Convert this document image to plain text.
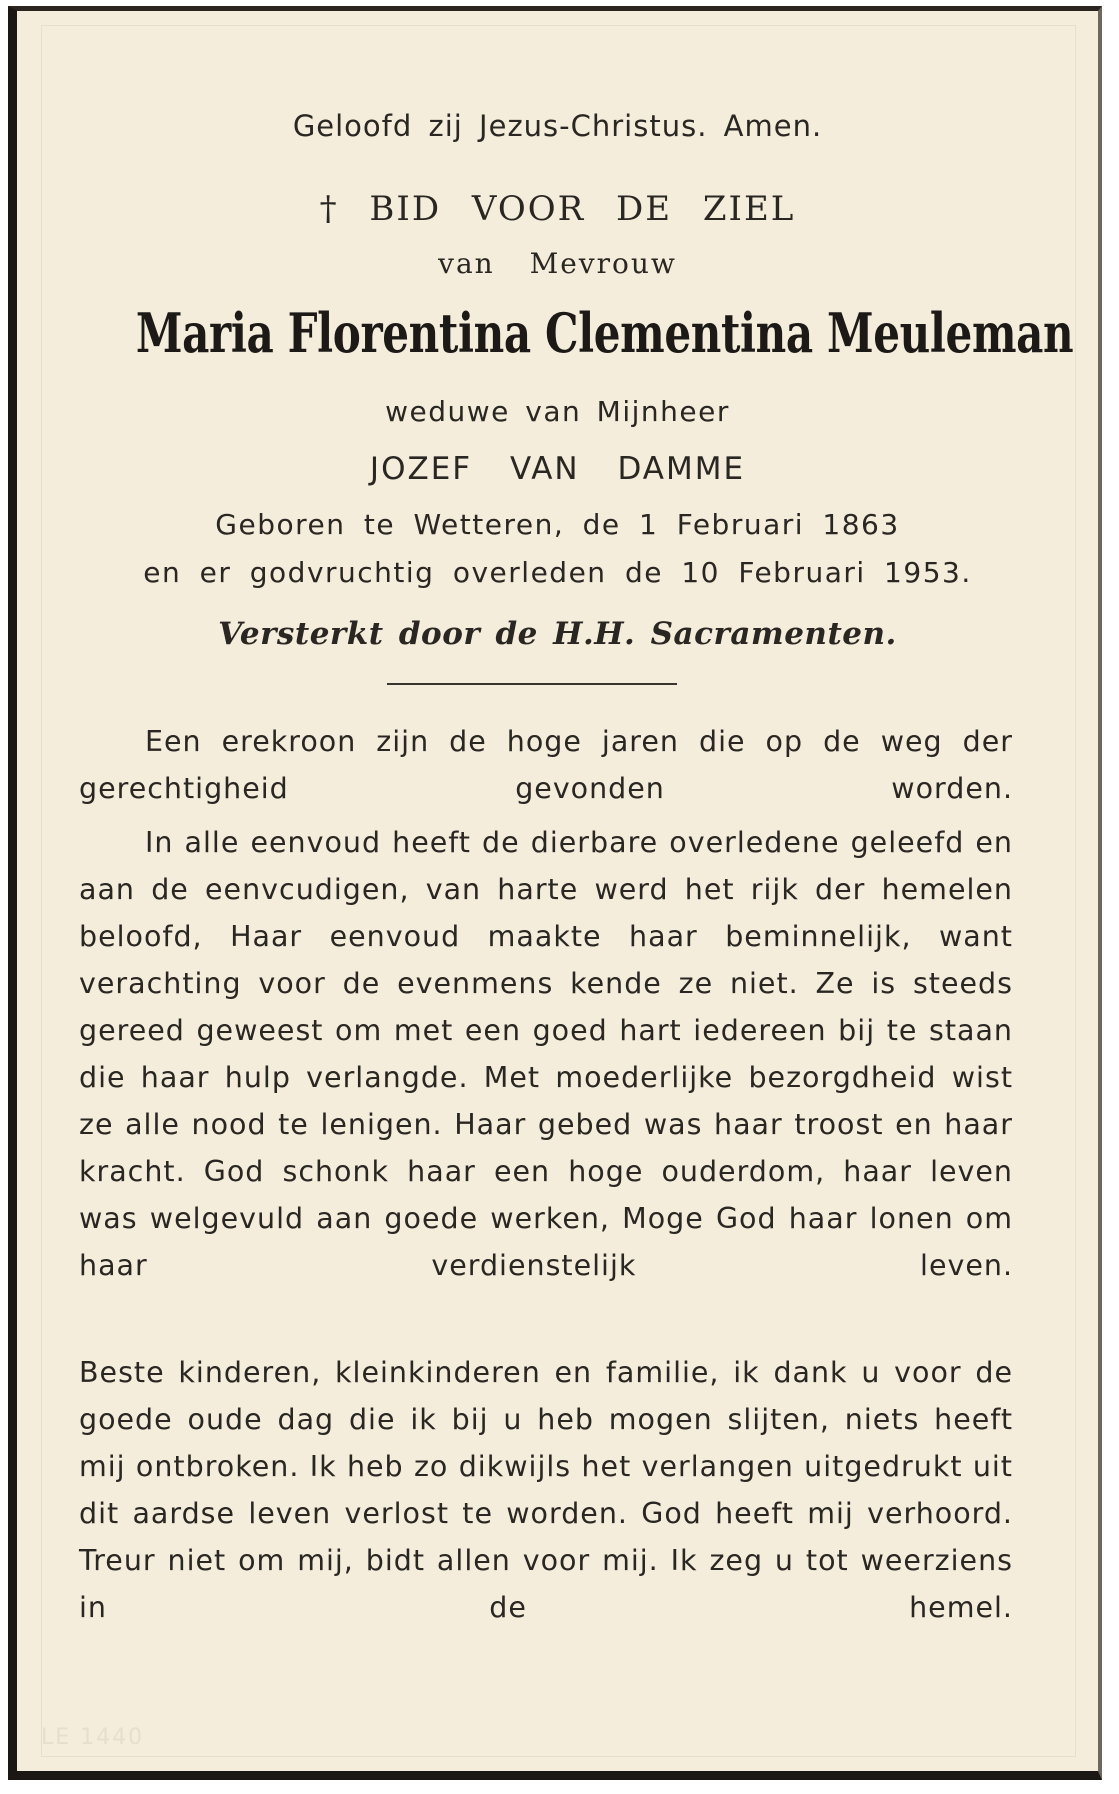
Geloofd zij Jezus-Christus. Amen.
† BID VOOR DE ZIEL
van Mevrouw
Maria Florentina Clementina Meuleman
weduwe van Mijnheer
JOZEF VAN DAMME
Geboren te Wetteren, de 1 Februari 1863
en er godvruchtig overleden de 10 Februari 1953.
Versterkt door de H.H. Sacramenten.
Een erekroon zijn de hoge jaren die op de weg der gerechtigheid gevonden worden.
In alle eenvoud heeft de dierbare overledene geleefd en aan de eenvcudigen, van harte werd het rijk der hemelen beloofd, Haar eenvoud maakte haar beminnelijk, want verachting voor de evenmens kende ze niet. Ze is steeds gereed geweest om met een goed hart iedereen bij te staan die haar hulp verlangde. Met moederlijke bezorgdheid wist ze alle nood te lenigen. Haar gebed was haar troost en haar kracht. God schonk haar een hoge ouderdom, haar leven was welgevuld aan goede werken, Moge God haar lonen om haar verdienstelijk leven.
Beste kinderen, kleinkinderen en familie, ik dank u voor de goede oude dag die ik bij u heb mogen slijten, niets heeft mij ontbroken. Ik heb zo dikwijls het verlangen uitgedrukt uit dit aardse leven verlost te worden. God heeft mij verhoord. Treur niet om mij, bidt allen voor mij. Ik zeg u tot weerziens in de hemel.
LE 1440
